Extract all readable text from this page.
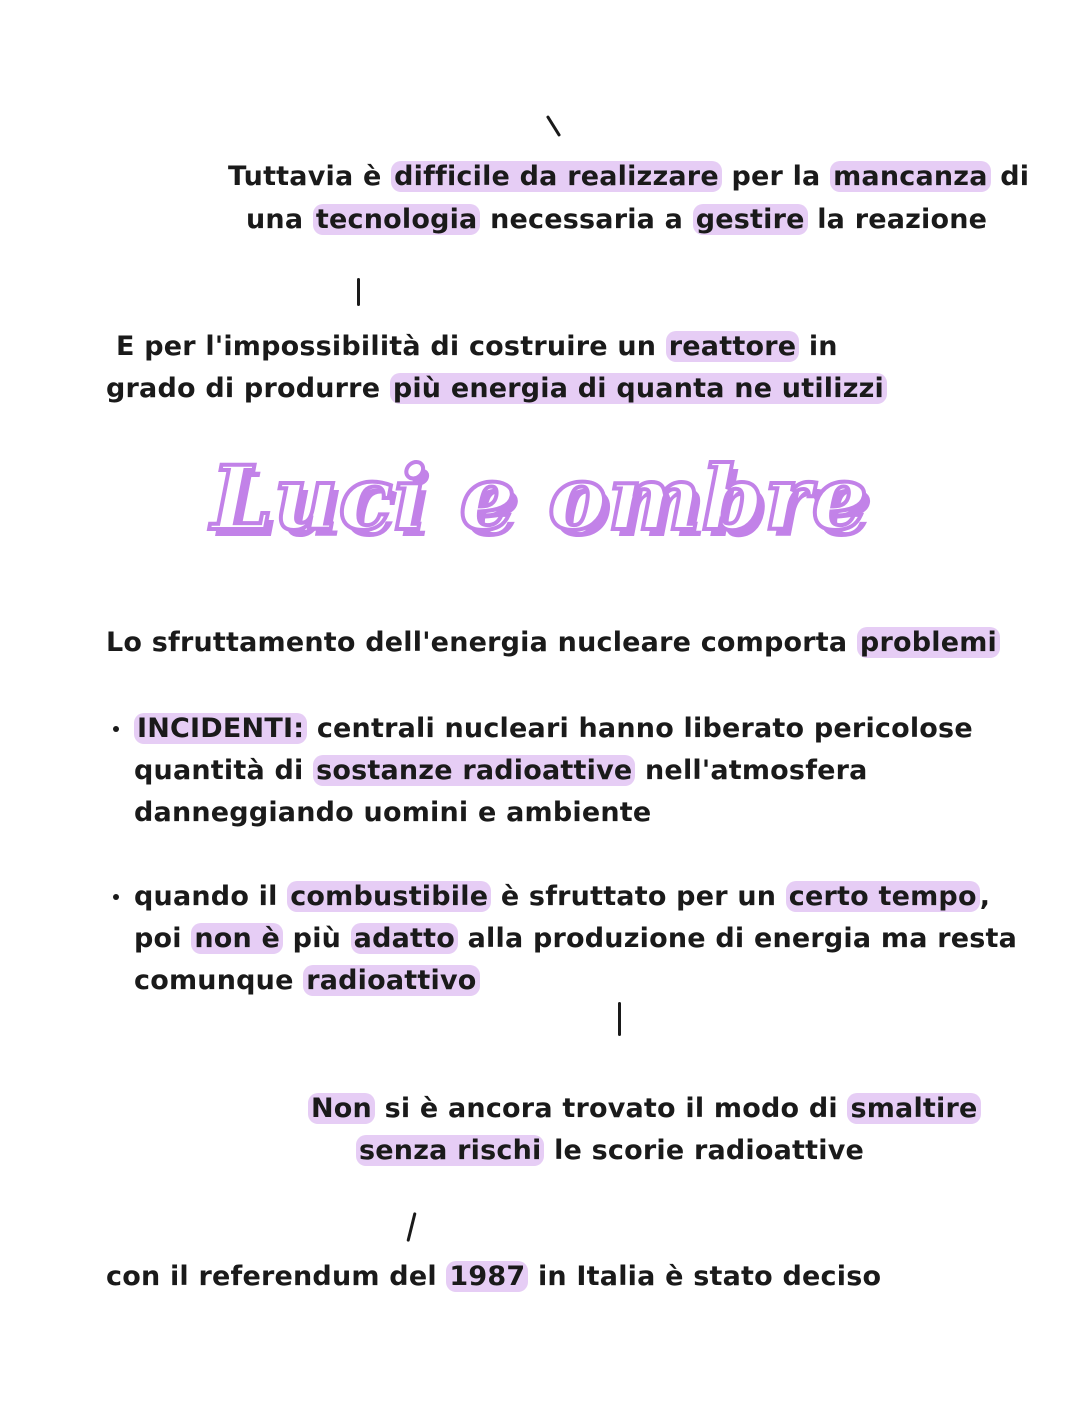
Tuttavia è difficile da realizzare per la mancanza di

una tecnologia necessaria a gestire la reazione

E per l'impossibilità di costruire un reattore in

grado di produrre più energia di quanta ne utilizzi

Luci e ombre

Lo sfruttamento dell'energia nucleare comporta problemi

INCIDENTI: centrali nucleari hanno liberato pericolose

quantità di sostanze radioattive nell'atmosfera

danneggiando uomini e ambiente

quando il combustibile è sfruttato per un certo tempo ,

poi non è più adatto alla produzione di energia ma resta

comunque radioattivo

Non si è ancora trovato il modo di smaltire

senza rischi le scorie radioattive

con il referendum del 1987 in Italia è stato deciso
